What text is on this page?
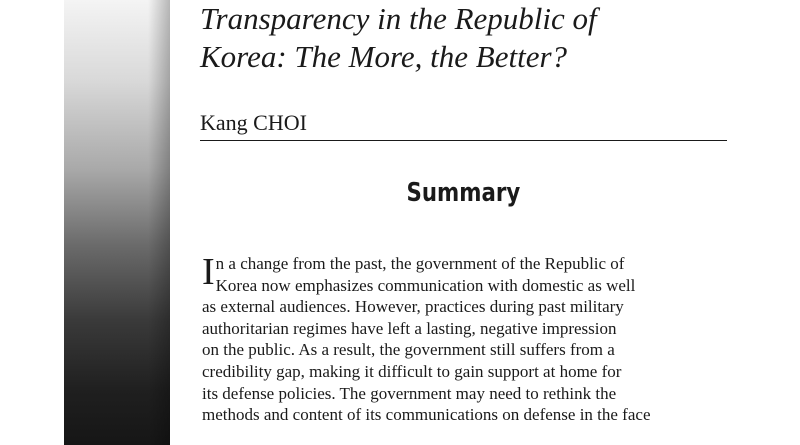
Transparency in the Republic of
Korea: The More, the Better?

Kang CHOI

Summary
I n a change from the past, the government of the Republic of
Korea now emphasizes communication with domestic as well
as external audiences. However, practices during past military
authoritarian regimes have left a lasting, negative impression
on the public. As a result, the government still suffers from a
credibility gap, making it difficult to gain support at home for
its defense policies. The government may need to rethink the
methods and content of its communications on defense in the face
